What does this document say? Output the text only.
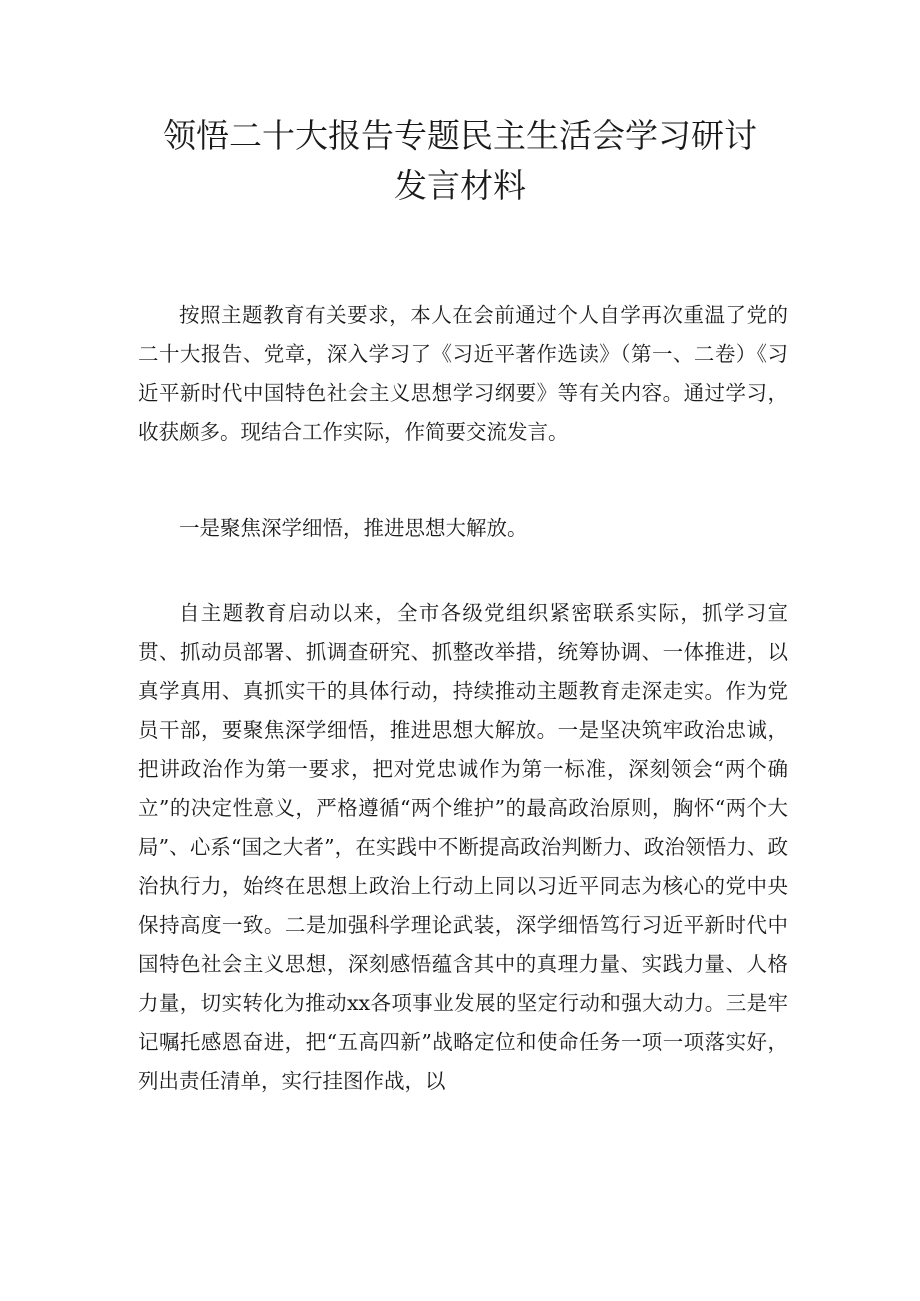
领悟二十大报告专题民主生活会学习研讨
发言材料

按照主题教育有关要求，本人在会前通过个人自学再次重温了党的二十大报告、党章，深入学习了《习近平著作选读》（第一、二卷）《习近平新时代中国特色社会主义思想学习纲要》等有关内容。通过学习，收获颇多。现结合工作实际，作简要交流发言。

一是聚焦深学细悟，推进思想大解放。

自主题教育启动以来，全市各级党组织紧密联系实际，抓学习宣贯、抓动员部署、抓调查研究、抓整改举措，统筹协调、一体推进，以真学真用、真抓实干的具体行动，持续推动主题教育走深走实。作为党员干部，要聚焦深学细悟，推进思想大解放。一是坚决筑牢政治忠诚，把讲政治作为第一要求，把对党忠诚作为第一标准，深刻领会“两个确立”的决定性意义，严格遵循“两个维护”的最高政治原则，胸怀“两个大局”、心系“国之大者”，在实践中不断提高政治判断力、政治领悟力、政治执行力，始终在思想上政治上行动上同以习近平同志为核心的党中央保持高度一致。二是加强科学理论武装，深学细悟笃行习近平新时代中国特色社会主义思想，深刻感悟蕴含其中的真理力量、实践力量、人格力量，切实转化为推动xx各项事业发展的坚定行动和强大动力。三是牢记嘱托感恩奋进，把“五高四新”战略定位和使命任务一项一项落实好，列出责任清单，实行挂图作战，以
